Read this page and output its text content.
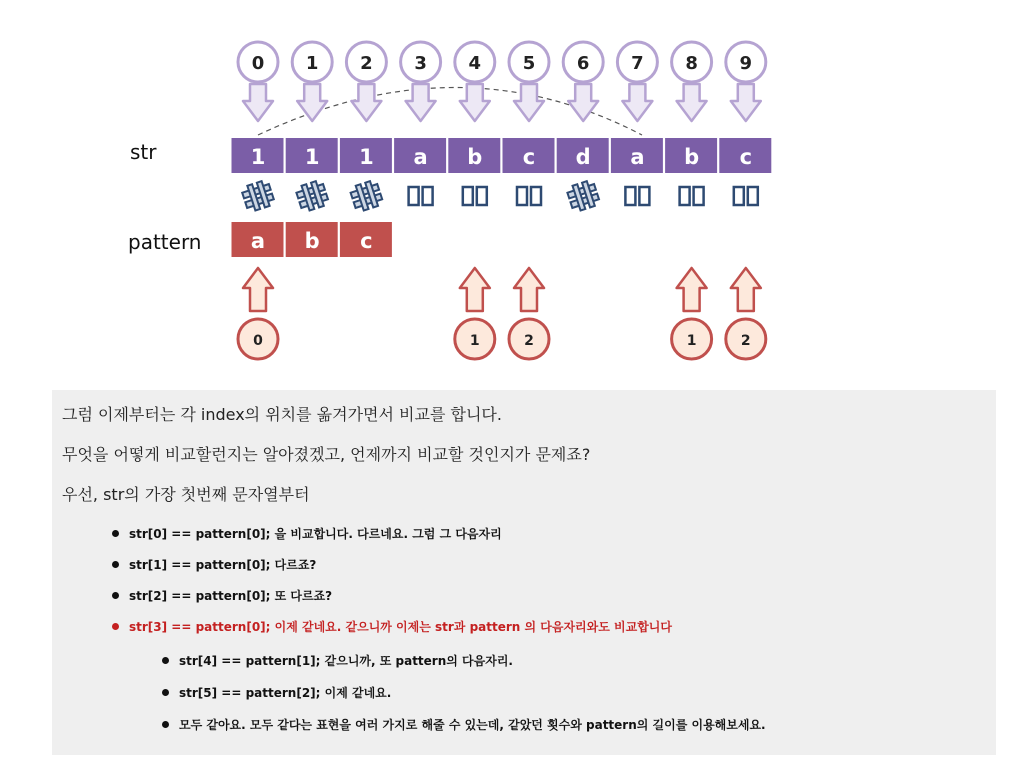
0
1
1
1
2
1
3
a
4
b
5
c
6
d
7
a
8
b
9
c
a b c
0	1	2	1	2
str
pattern
그럼 이제부터는 각 index의 위치를 옮겨가면서 비교를 합니다.
무엇을 어떻게 비교할런지는 알아졌겠고, 언제까지 비교할 것인지가 문제죠?
우선, str의 가장 첫번째 문자열부터
str[0] == pattern[0]; 을 비교합니다. 다르네요. 그럼 그 다음자리
str[1] == pattern[0]; 다르죠?
str[2] == pattern[0]; 또 다르죠?
str[3] == pattern[0]; 이제 같네요. 같으니까 이제는 str과 pattern 의 다음자리와도 비교합니다
str[4] == pattern[1]; 같으니까, 또 pattern의 다음자리.
str[5] == pattern[2]; 이제 같네요.
모두 같아요. 모두 같다는 표현을 여러 가지로 해줄 수 있는데, 같았던 횟수와 pattern의 길이를 이용해보세요.
